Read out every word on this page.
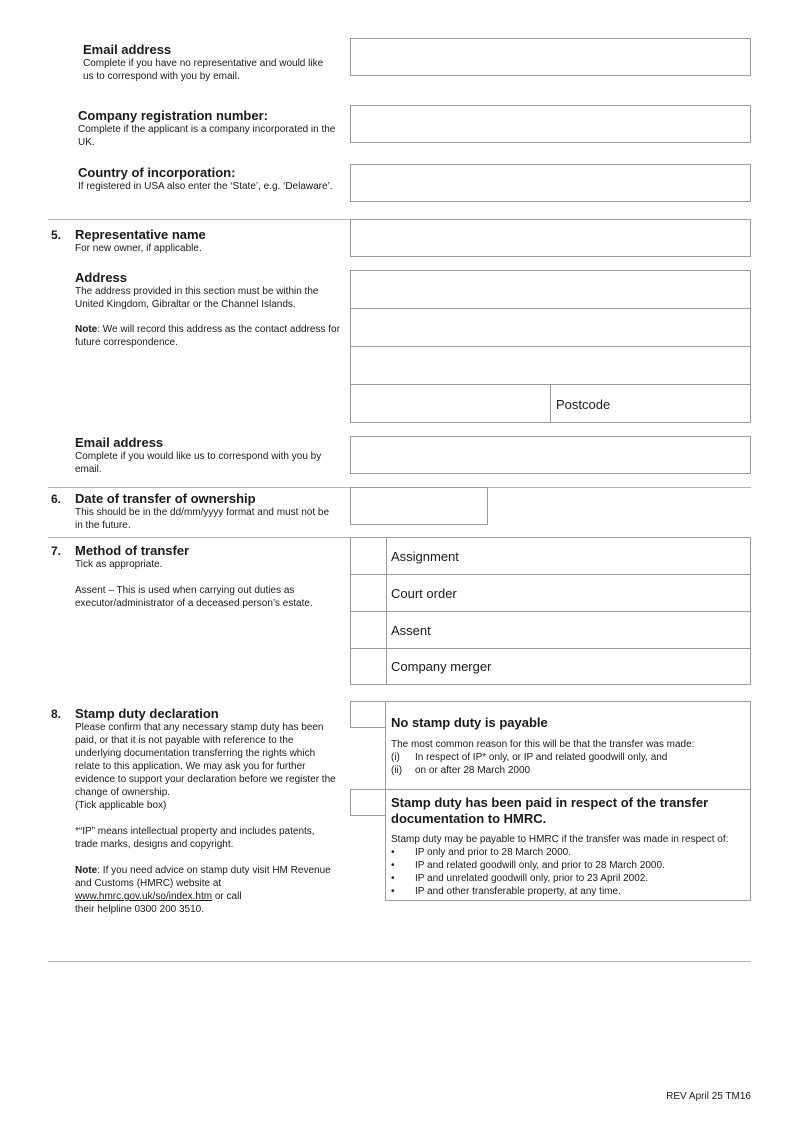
Email address
Complete if you have no representative and would like us to correspond with you by email.
Company registration number:
Complete if the applicant is a company incorporated in the UK.
Country of incorporation:
If registered in USA also enter the ‘State’, e.g. ‘Delaware’.
5. Representative name
For new owner, if applicable.
Address
The address provided in this section must be within the United Kingdom, Gibraltar or the Channel Islands.
Note: We will record this address as the contact address for future correspondence.
Postcode
Email address
Complete if you would like us to correspond with you by email.
6. Date of transfer of ownership
This should be in the dd/mm/yyyy format and must not be in the future.
7. Method of transfer
Tick as appropriate.
Assent – This is used when carrying out duties as executor/administrator of a deceased person’s estate.
Assignment
Court order
Assent
Company merger
8. Stamp duty declaration
Please confirm that any necessary stamp duty has been paid, or that it is not payable with reference to the underlying documentation transferring the rights which relate to this application. We may ask you for further evidence to support your declaration before we register the change of ownership.
(Tick applicable box)
*“IP” means intellectual property and includes patents, trade marks, designs and copyright.
Note: If you need advice on stamp duty visit HM Revenue and Customs (HMRC) website at
www.hmrc.gov.uk/so/index.htm or call
their helpline 0300 200 3510.
No stamp duty is payable
The most common reason for this will be that the transfer was made:
(i) In respect of IP* only, or IP and related goodwill only, and
(ii) on or after 28 March 2000
Stamp duty has been paid in respect of the transfer documentation to HMRC.
Stamp duty may be payable to HMRC if the transfer was made in respect of:
• IP only and prior to 28 March 2000.
• IP and related goodwill only, and prior to 28 March 2000.
• IP and unrelated goodwill only, prior to 23 April 2002.
• IP and other transferable property, at any time.
REV April 25 TM16
